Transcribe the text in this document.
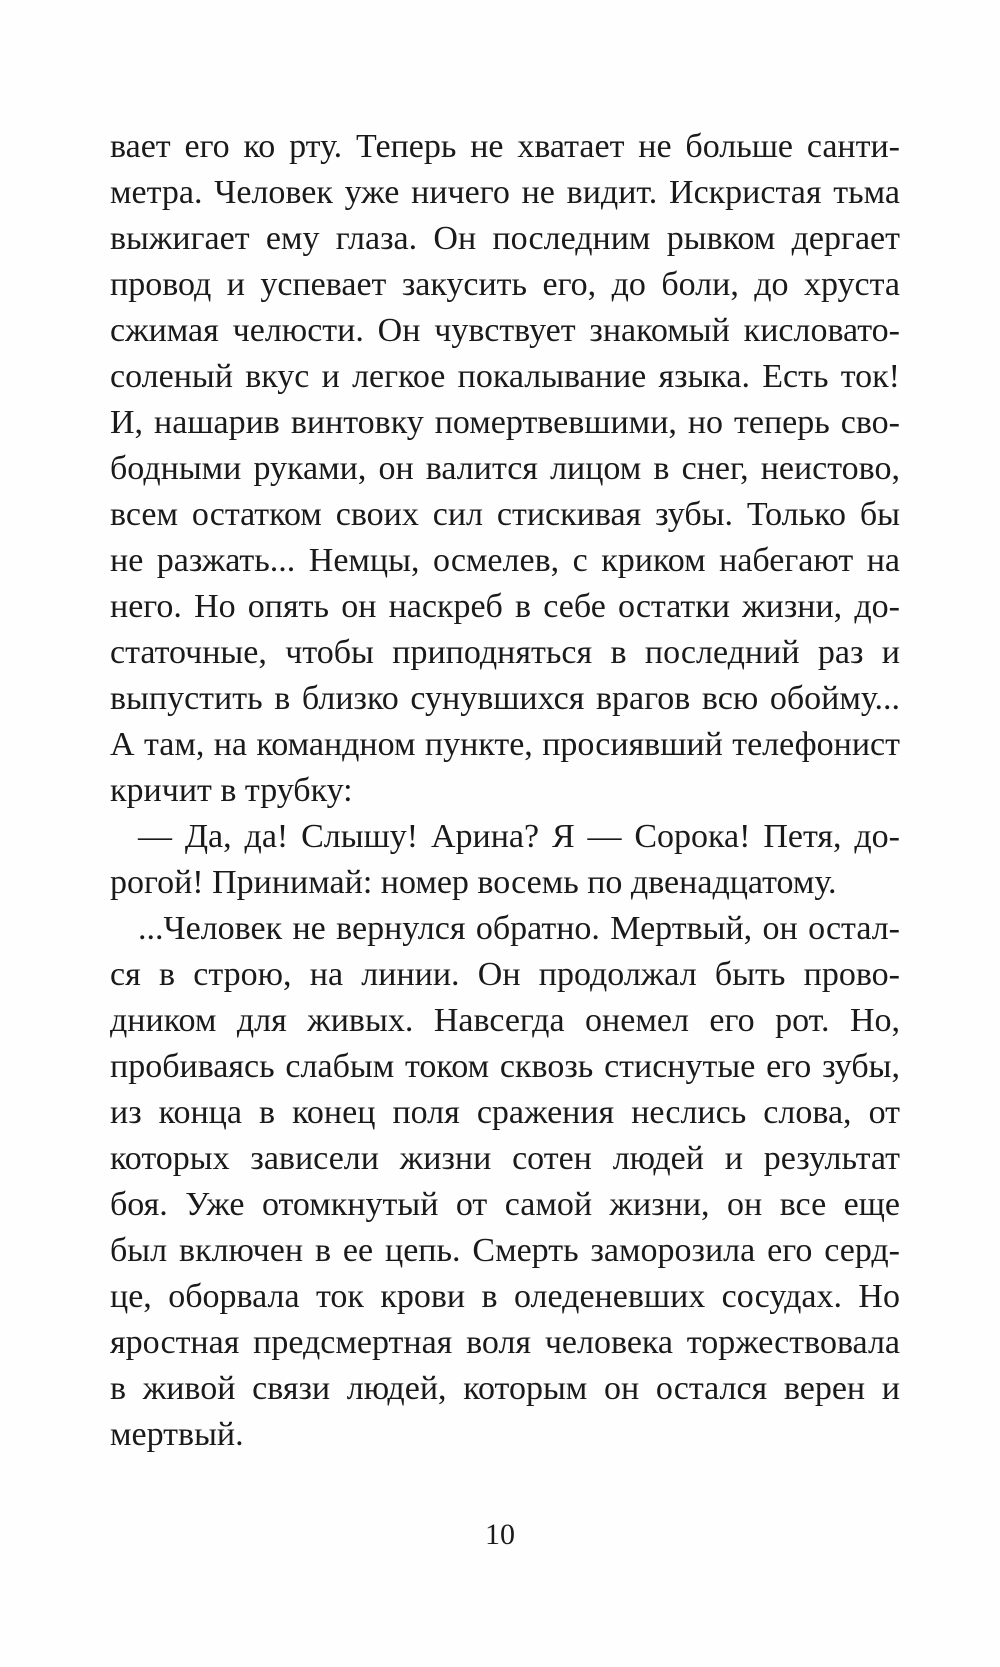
вает его ко рту. Теперь не хватает не больше санти-
метра. Человек уже ничего не видит. Искристая тьма
выжигает ему глаза. Он последним рывком дергает
провод и успевает закусить его, до боли, до хруста
сжимая челюсти. Он чувствует знакомый кисловато-
соленый вкус и легкое покалывание языка. Есть ток!
И, нашарив винтовку помертвевшими, но теперь сво-
бодными руками, он валится лицом в снег, неистово,
всем остатком своих сил стискивая зубы. Только бы
не разжать... Немцы, осмелев, с криком набегают на
него. Но опять он наскреб в себе остатки жизни, до-
статочные, чтобы приподняться в последний раз и
выпустить в близко сунувшихся врагов всю обойму...
А там, на командном пункте, просиявший телефонист
кричит в трубку:
— Да, да! Слышу! Арина? Я — Сорока! Петя, до-
рогой! Принимай: номер восемь по двенадцатому.
...Человек не вернулся обратно. Мертвый, он остал-
ся в строю, на линии. Он продолжал быть прово-
дником для живых. Навсегда онемел его рот. Но,
пробиваясь слабым током сквозь стиснутые его зубы,
из конца в конец поля сражения неслись слова, от
которых зависели жизни сотен людей и результат
боя. Уже отомкнутый от самой жизни, он все еще
был включен в ее цепь. Смерть заморозила его серд-
це, оборвала ток крови в оледеневших сосудах. Но
яростная предсмертная воля человека торжествовала
в живой связи людей, которым он остался верен и
мертвый.
10
